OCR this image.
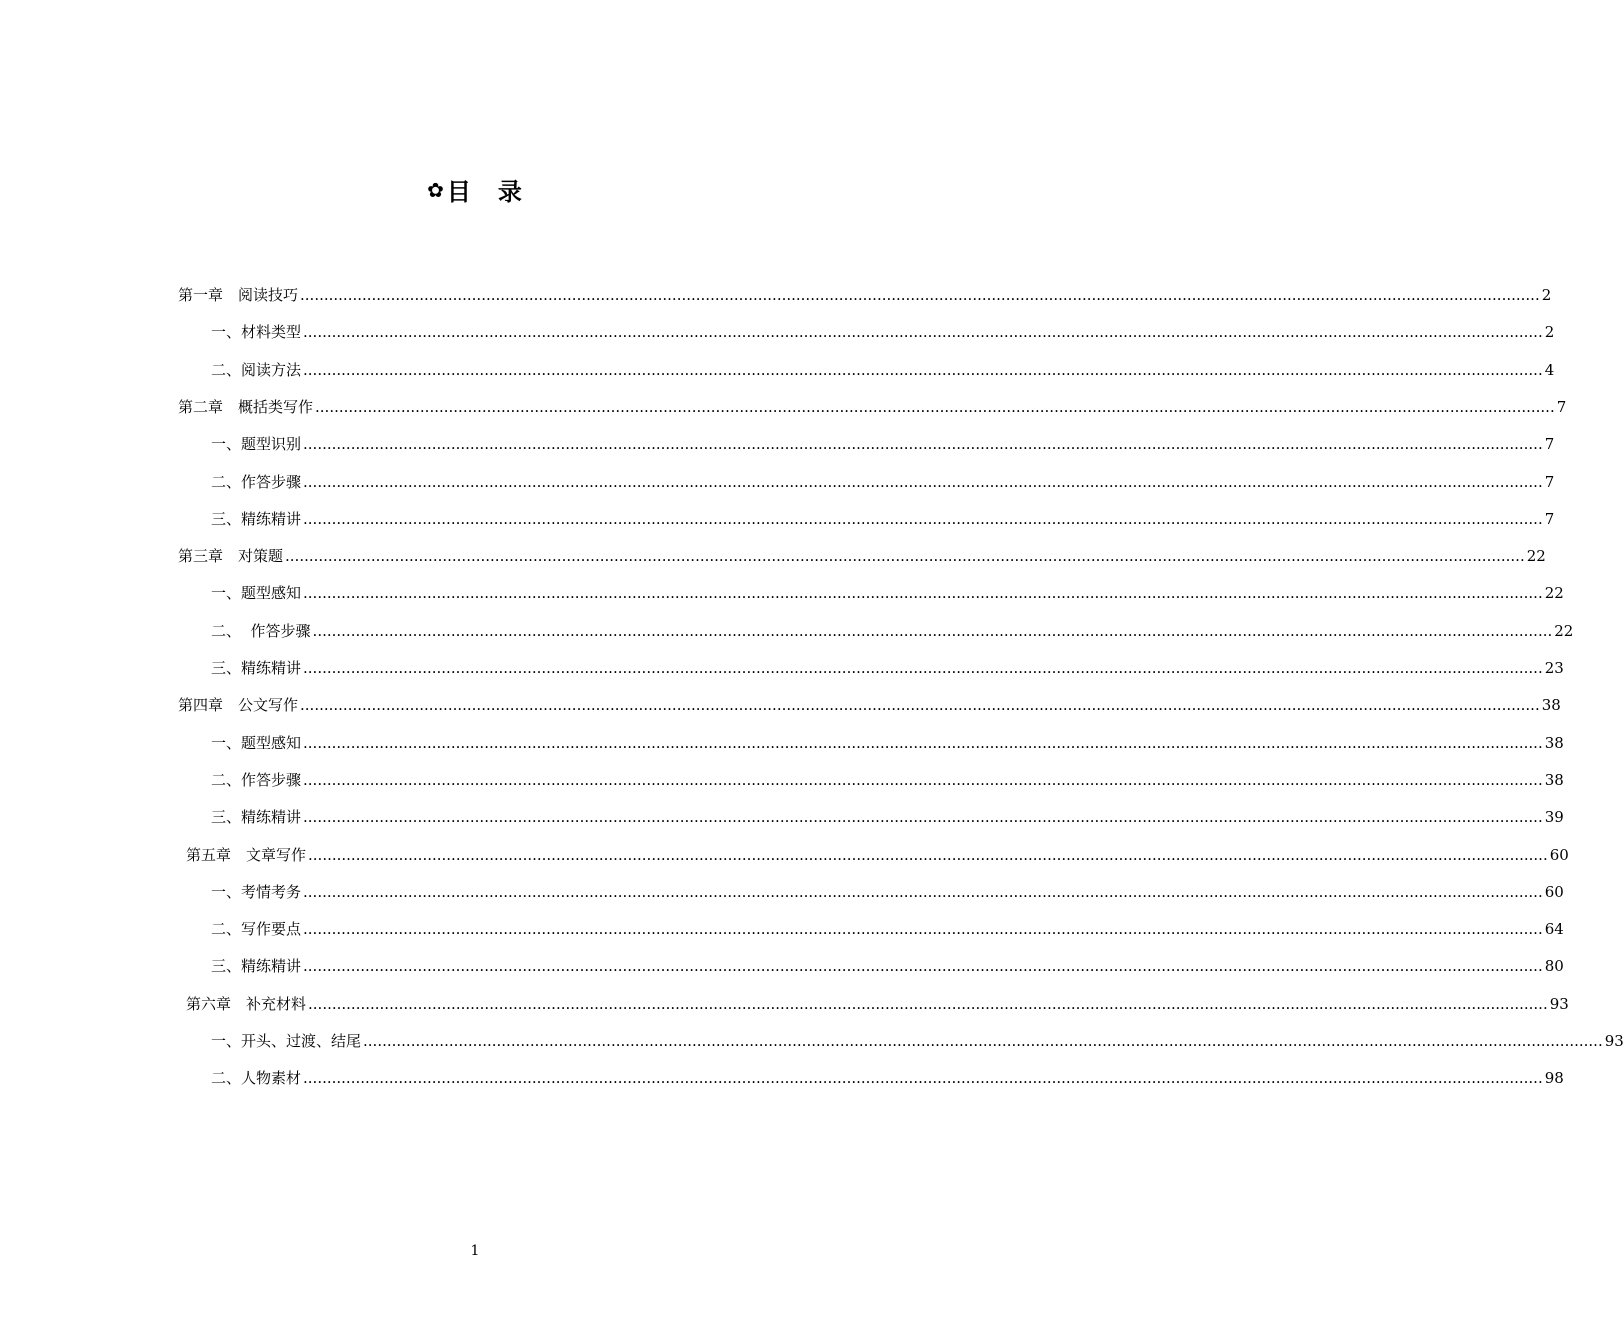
✿ 目 录
第一章　阅读技巧 .................................................................................................................................................................................................................................................................... 2
一、材料类型 .................................................................................................................................................................................................................................................................... 2
二、阅读方法 .................................................................................................................................................................................................................................................................... 4
第二章　概括类写作 .................................................................................................................................................................................................................................................................... 7
一、题型识别 .................................................................................................................................................................................................................................................................... 7
二、作答步骤 .................................................................................................................................................................................................................................................................... 7
三、精练精讲 .................................................................................................................................................................................................................................................................... 7
第三章　对策题 .................................................................................................................................................................................................................................................................... 22
一、题型感知 .................................................................................................................................................................................................................................................................... 22
二、  作答步骤 .................................................................................................................................................................................................................................................................... 22
三、精练精讲 .................................................................................................................................................................................................................................................................... 23
第四章　公文写作 .................................................................................................................................................................................................................................................................... 38
一、题型感知 .................................................................................................................................................................................................................................................................... 38
二、作答步骤 .................................................................................................................................................................................................................................................................... 38
三、精练精讲 .................................................................................................................................................................................................................................................................... 39
第五章　文章写作 .................................................................................................................................................................................................................................................................... 60
一、考情考务 .................................................................................................................................................................................................................................................................... 60
二、写作要点 .................................................................................................................................................................................................................................................................... 64
三、精练精讲 .................................................................................................................................................................................................................................................................... 80
第六章　补充材料 .................................................................................................................................................................................................................................................................... 93
一、开头、过渡、结尾 .................................................................................................................................................................................................................................................................... 93
二、人物素材 .................................................................................................................................................................................................................................................................... 98
1
